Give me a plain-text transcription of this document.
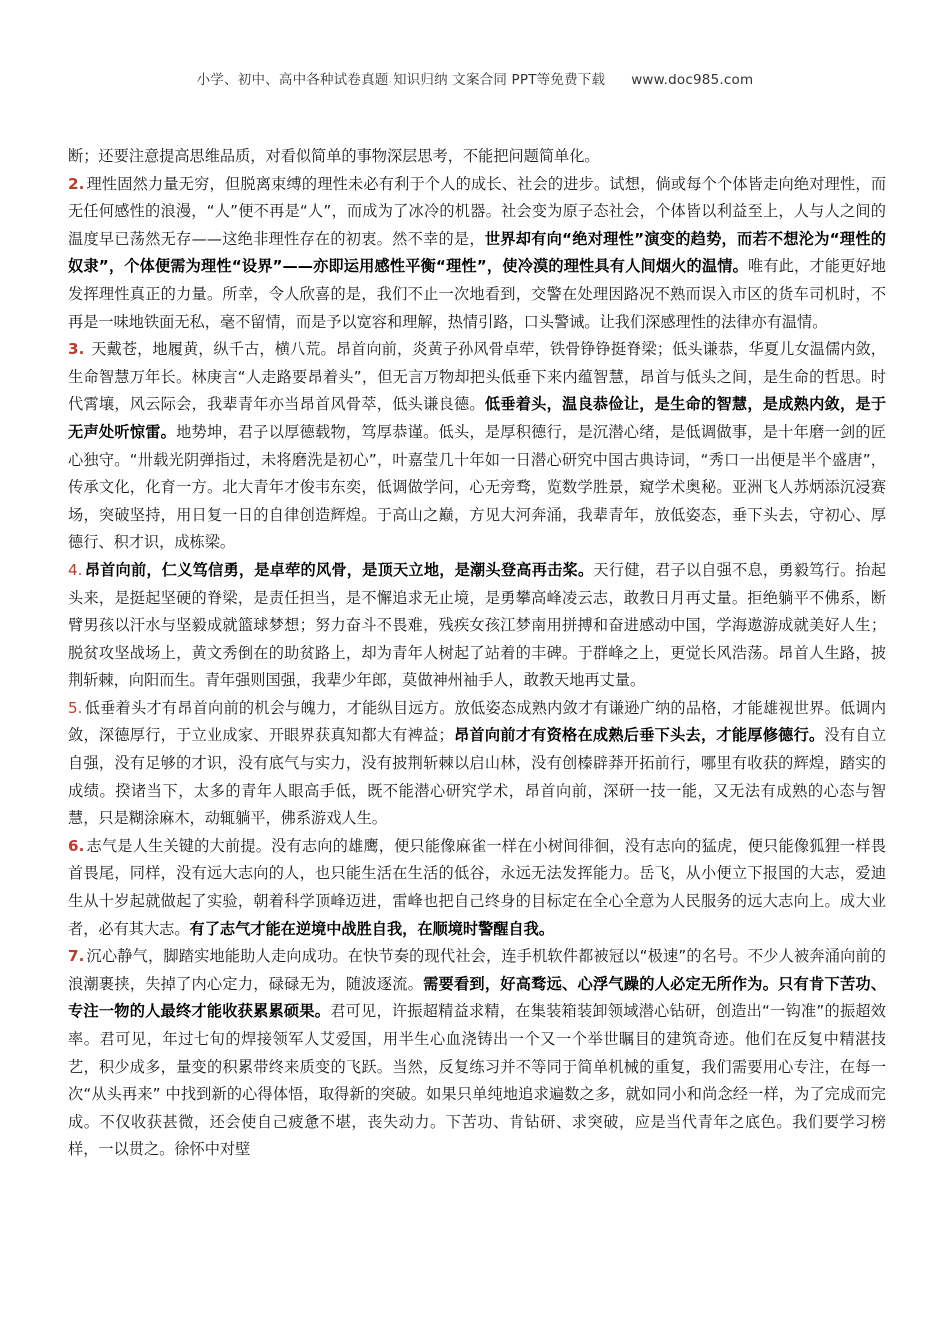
小学、初中、高中各种试卷真题 知识归纳 文案合同 PPT等免费下载 www.doc985.com

断；还要注意提高思维品质，对看似简单的事物深层思考，不能把问题简单化。

2. 理性固然力量无穷，但脱离束缚的理性未必有利于个人的成长、社会的进步。试想，倘或每个个体皆走向绝对理性，而无任何感性的浪漫，“人”便不再是“人”，而成为了冰冷的机器。社会变为原子态社会，个体皆以利益至上，人与人之间的温度早已荡然无存——这绝非理性存在的初衷。然不幸的是，世界却有向“绝对理性”演变的趋势，而若不想沦为“理性的奴隶”，个体便需为理性“设界”——亦即运用感性平衡“理性”，使冷漠的理性具有人间烟火的温情。唯有此，才能更好地发挥理性真正的力量。所幸，令人欣喜的是，我们不止一次地看到，交警在处理因路况不熟而误入市区的货车司机时，不再是一味地铁面无私，毫不留情，而是予以宽容和理解，热情引路，口头警诫。让我们深感理性的法律亦有温情。

3. 天戴苍，地履黄，纵千古，横八荒。昂首向前，炎黄子孙风骨卓荦，铁骨铮铮挺脊梁；低头谦恭，华夏儿女温儒内敛，生命智慧万年长。林庚言“人走路要昂着头”，但无言万物却把头低垂下来内蕴智慧，昂首与低头之间，是生命的哲思。时代霄壤，风云际会，我辈青年亦当昂首风骨萃，低头谦良德。低垂着头，温良恭俭让，是生命的智慧，是成熟内敛，是于无声处听惊雷。地势坤，君子以厚德载物，笃厚恭谨。低头，是厚积德行，是沉潜心绪，是低调做事，是十年磨一剑的匠心独守。“卅载光阴弹指过，未将磨洗是初心”，叶嘉莹几十年如一日潜心研究中国古典诗词，“秀口一出便是半个盛唐”，传承文化，化育一方。北大青年才俊韦东奕，低调做学问，心无旁骛，览数学胜景，窥学术奥秘。亚洲飞人苏炳添沉浸赛场，突破坚持，用日复一日的自律创造辉煌。于高山之巅，方见大河奔涌，我辈青年，放低姿态，垂下头去，守初心、厚德行、积才识，成栋梁。

4. 昂首向前，仁义笃信勇，是卓荦的风骨，是顶天立地，是潮头登高再击桨。天行健，君子以自强不息，勇毅笃行。抬起头来，是挺起坚硬的脊梁，是责任担当，是不懈追求无止境，是勇攀高峰凌云志，敢教日月再丈量。拒绝躺平不佛系，断臂男孩以汗水与坚毅成就篮球梦想；努力奋斗不畏难，残疾女孩江梦南用拼搏和奋进感动中国，学海遨游成就美好人生；脱贫攻坚战场上，黄文秀倒在的助贫路上，却为青年人树起了站着的丰碑。于群峰之上，更觉长风浩荡。昂首人生路，披荆斩棘，向阳而生。青年强则国强，我辈少年郎，莫做神州袖手人，敢教天地再丈量。

5. 低垂着头才有昂首向前的机会与魄力，才能纵目远方。放低姿态成熟内敛才有谦逊广纳的品格，才能雄视世界。低调内敛，深德厚行，于立业成家、开眼界获真知都大有裨益；昂首向前才有资格在成熟后垂下头去，才能厚修德行。没有自立自强，没有足够的才识，没有底气与实力，没有披荆斩棘以启山林，没有创榛辟莽开拓前行，哪里有收获的辉煌，踏实的成绩。揆诸当下，太多的青年人眼高手低，既不能潜心研究学术，昂首向前，深研一技一能，又无法有成熟的心态与智慧，只是糊涂麻木，动辄躺平，佛系游戏人生。

6. 志气是人生关键的大前提。没有志向的雄鹰，便只能像麻雀一样在小树间徘徊，没有志向的猛虎，便只能像狐狸一样畏首畏尾，同样，没有远大志向的人，也只能生活在生活的低谷，永远无法发挥能力。岳飞，从小便立下报国的大志，爱迪生从十岁起就做起了实验，朝着科学顶峰迈进，雷峰也把自己终身的目标定在全心全意为人民服务的远大志向上。成大业者，必有其大志。有了志气才能在逆境中战胜自我，在顺境时警醒自我。

7. 沉心静气，脚踏实地能助人走向成功。在快节奏的现代社会，连手机软件都被冠以“极速”的名号。不少人被奔涌向前的浪潮裹挟，失掉了内心定力，碌碌无为，随波逐流。需要看到，好高骛远、心浮气躁的人必定无所作为。只有肯下苦功、专注一物的人最终才能收获累累硕果。君可见，许振超精益求精，在集装箱装卸领域潜心钻研，创造出“一钩准”的振超效率。君可见，年过七旬的焊接领军人艾爱国，用半生心血浇铸出一个又一个举世瞩目的建筑奇迹。他们在反复中精湛技艺，积少成多，量变的积累带终来质变的飞跃。当然，反复练习并不等同于简单机械的重复，我们需要用心专注，在每一次“从头再来” 中找到新的心得体悟，取得新的突破。如果只单纯地追求遍数之多，就如同小和尚念经一样，为了完成而完成。不仅收获甚微，还会使自己疲惫不堪，丧失动力。下苦功、肯钻研、求突破，应是当代青年之底色。我们要学习榜样，一以贯之。徐怀中对壁
